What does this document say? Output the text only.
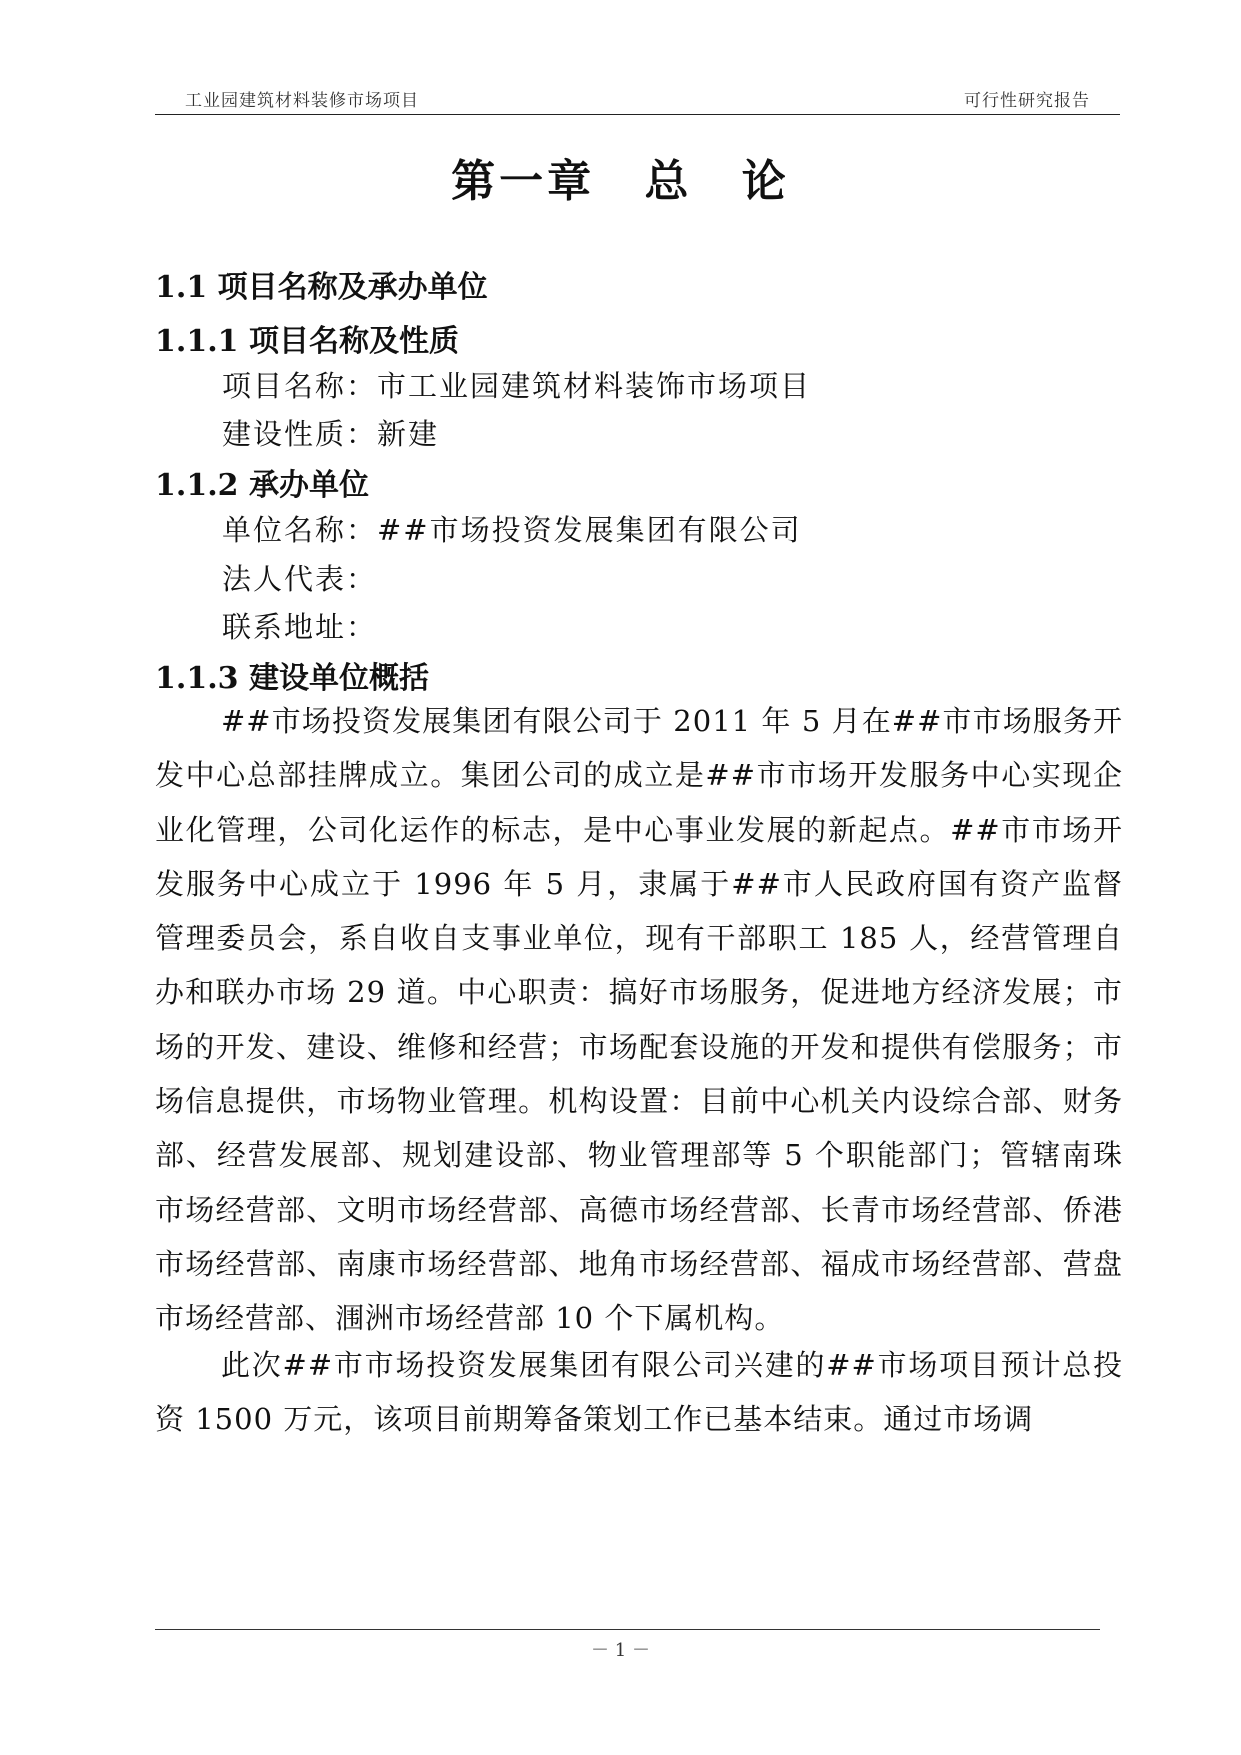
工业园建筑材料装修市场项目	可行性研究报告
第一章 总 论
1.1 项目名称及承办单位
1.1.1 项目名称及性质
项目名称：市工业园建筑材料装饰市场项目
建设性质：新建
1.1.2 承办单位
单位名称：##市场投资发展集团有限公司
法人代表：
联系地址：
1.1.3 建设单位概括
##市场投资发展集团有限公司于 2011 年 5 月在##市市场服务开发中心总部挂牌成立。集团公司的成立是##市市场开发服务中心实现企业化管理，公司化运作的标志，是中心事业发展的新起点。##市市场开发服务中心成立于 1996 年 5 月，隶属于##市人民政府国有资产监督管理委员会，系自收自支事业单位，现有干部职工 185 人，经营管理自办和联办市场 29 道。中心职责：搞好市场服务，促进地方经济发展；市场的开发、建设、维修和经营；市场配套设施的开发和提供有偿服务；市场信息提供，市场物业管理。机构设置：目前中心机关内设综合部、财务部、经营发展部、规划建设部、物业管理部等 5 个职能部门；管辖南珠市场经营部、文明市场经营部、高德市场经营部、长青市场经营部、侨港市场经营部、南康市场经营部、地角市场经营部、福成市场经营部、营盘市场经营部、涠洲市场经营部 10 个下属机构。
此次##市市场投资发展集团有限公司兴建的##市场项目预计总投资 1500 万元，该项目前期筹备策划工作已基本结束。通过市场调
－ 1 －
